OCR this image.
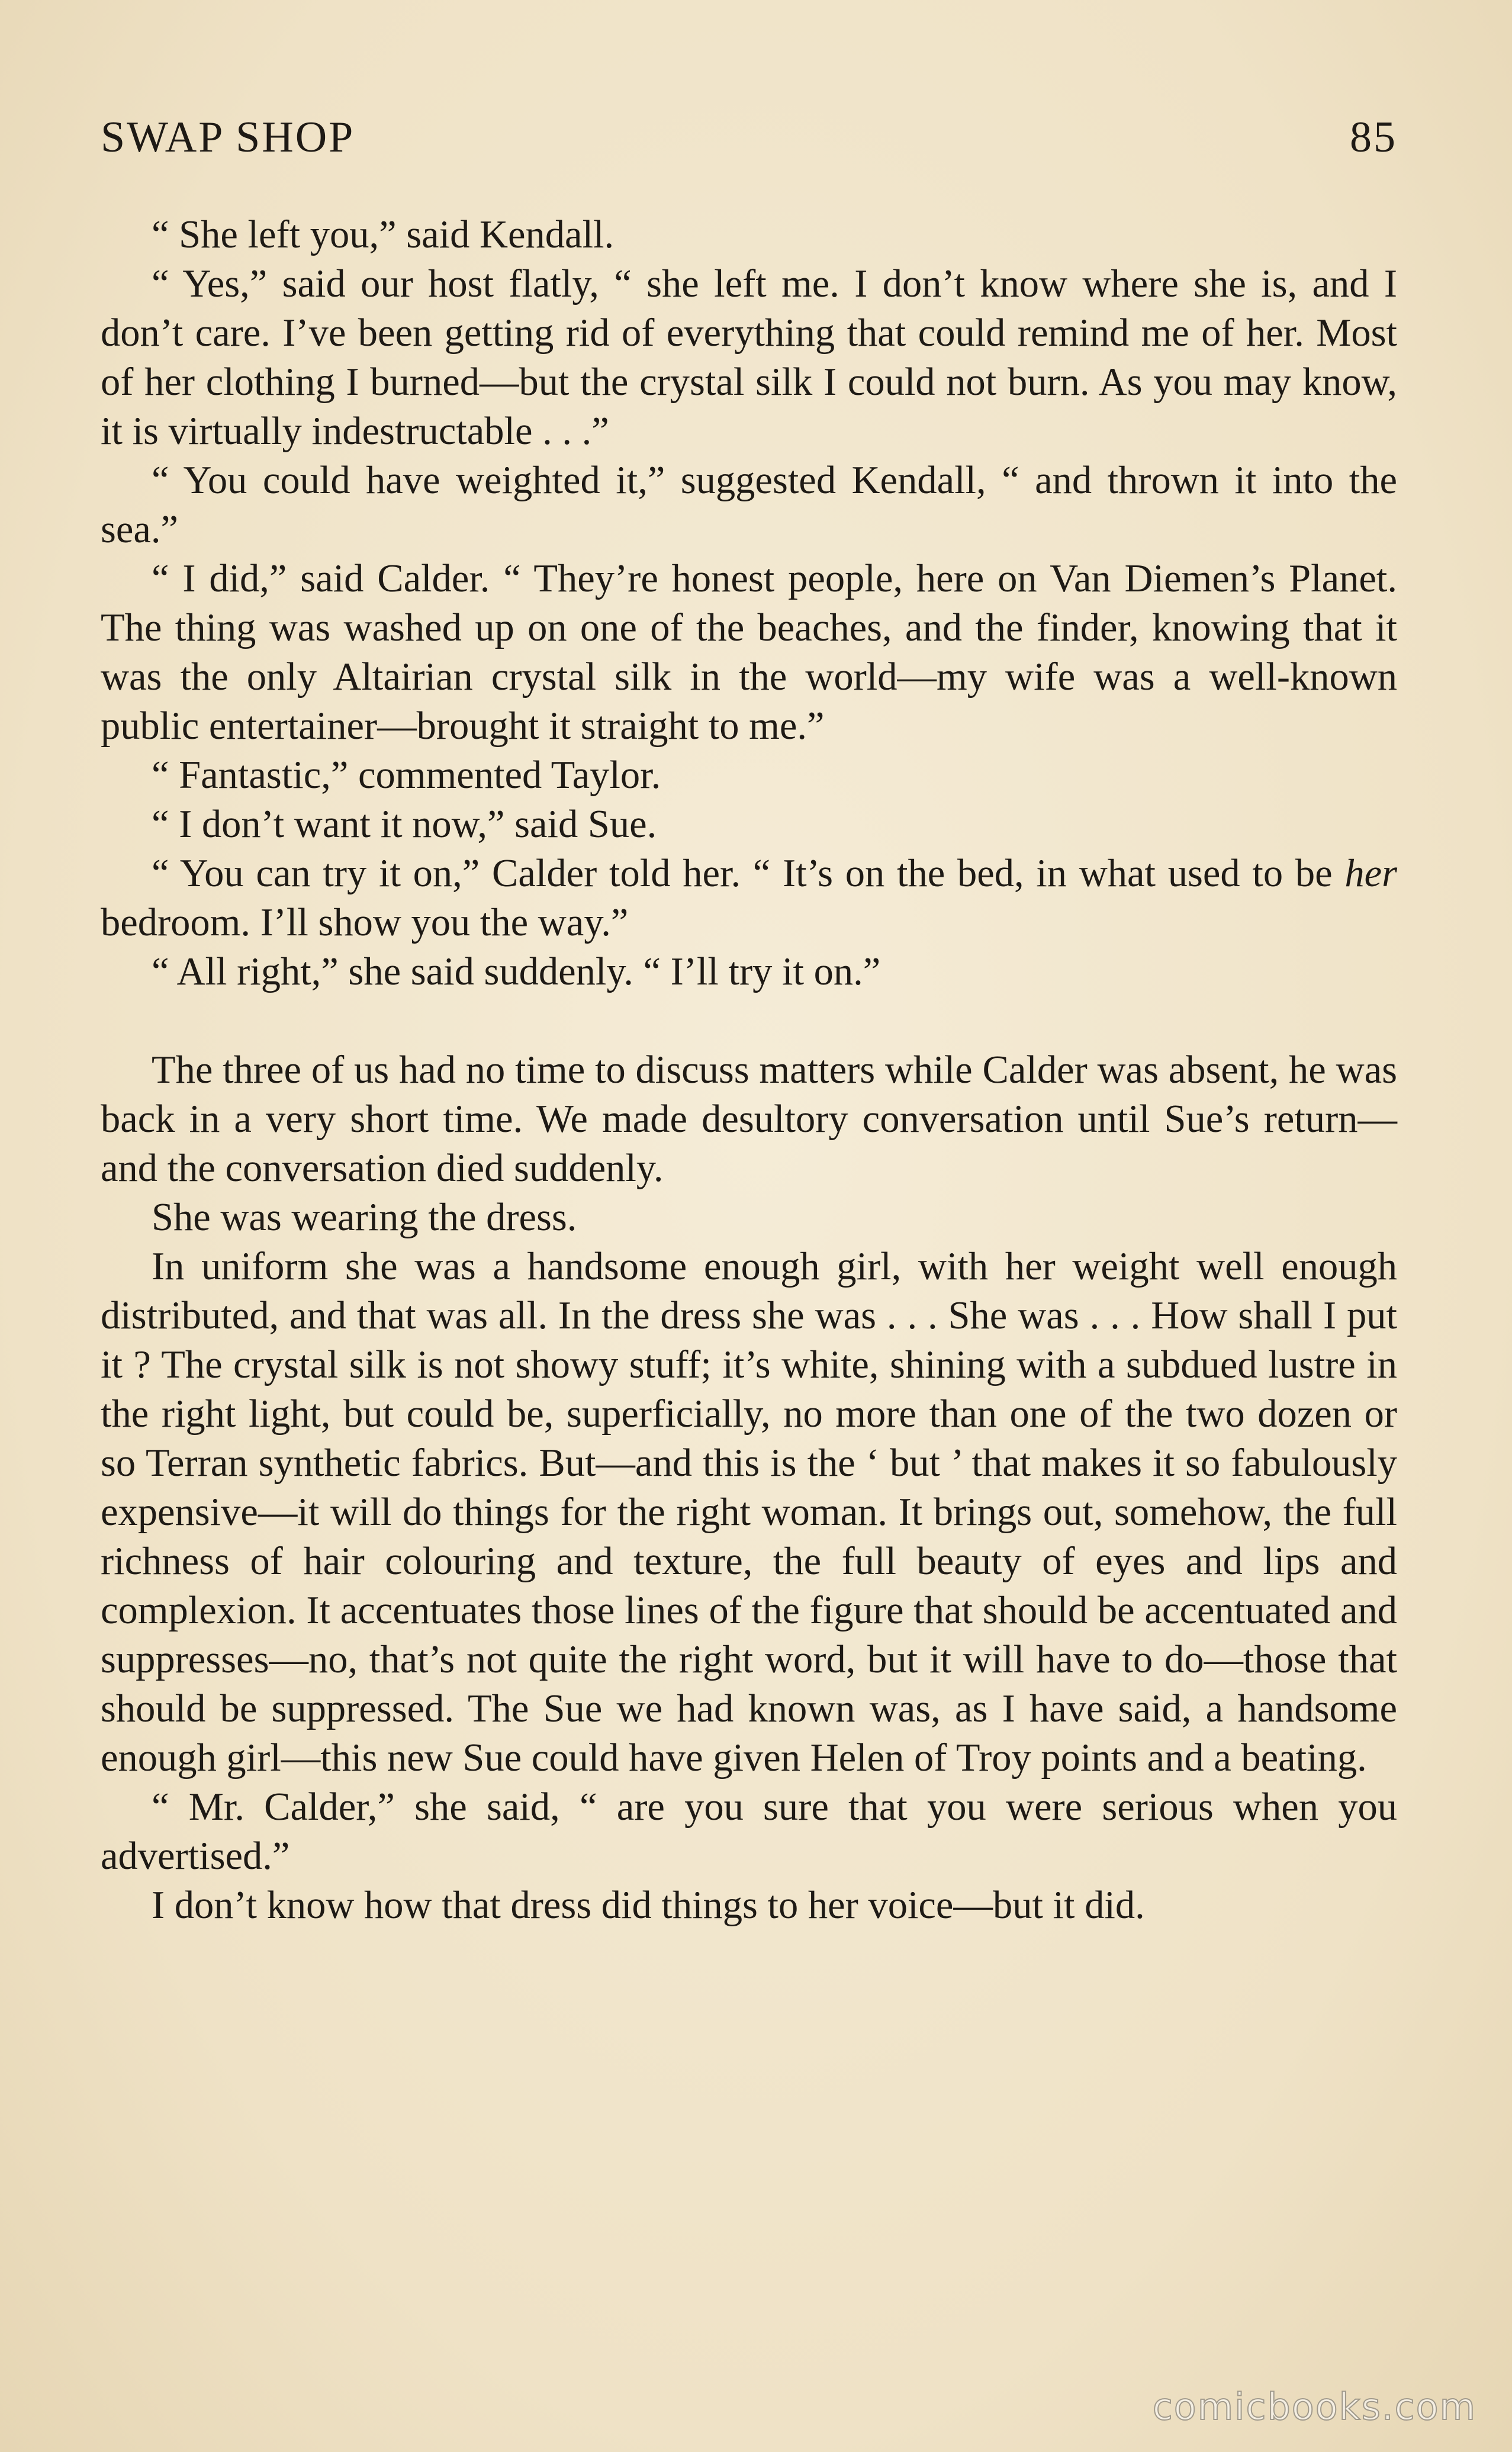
SWAP SHOP	85

“ She left you,” said Kendall.

“ Yes,” said our host flatly, “ she left me. I don’t know where she is, and I don’t care. I’ve been getting rid of everything that could remind me of her. Most of her clothing I burned—but the crystal silk I could not burn. As you may know, it is virtually indestructable . . .”

“ You could have weighted it,” suggested Kendall, “ and thrown it into the sea.”

“ I did,” said Calder. “ They’re honest people, here on Van Diemen’s Planet. The thing was washed up on one of the beaches, and the finder, knowing that it was the only Altairian crystal silk in the world—my wife was a well-known public entertainer—brought it straight to me.”

“ Fantastic,” commented Taylor.

“ I don’t want it now,” said Sue.

“ You can try it on,” Calder told her. “ It’s on the bed, in what used to be her bedroom. I’ll show you the way.”

“ All right,” she said suddenly. “ I’ll try it on.”

The three of us had no time to discuss matters while Calder was absent, he was back in a very short time. We made desultory conversation until Sue’s return—and the conversation died suddenly.

She was wearing the dress.

In uniform she was a handsome enough girl, with her weight well enough distributed, and that was all. In the dress she was . . . She was . . . How shall I put it ? The crystal silk is not showy stuff; it’s white, shining with a subdued lustre in the right light, but could be, superficially, no more than one of the two dozen or so Terran synthetic fabrics. But—and this is the ‘ but ’ that makes it so fabulously expensive—it will do things for the right woman. It brings out, somehow, the full richness of hair colouring and texture, the full beauty of eyes and lips and complexion. It accentuates those lines of the figure that should be accentuated and suppresses—no, that’s not quite the right word, but it will have to do—those that should be suppressed. The Sue we had known was, as I have said, a handsome enough girl—this new Sue could have given Helen of Troy points and a beating.

“ Mr. Calder,” she said, “ are you sure that you were serious when you advertised.”

I don’t know how that dress did things to her voice—but it did.

comicbooks.com
